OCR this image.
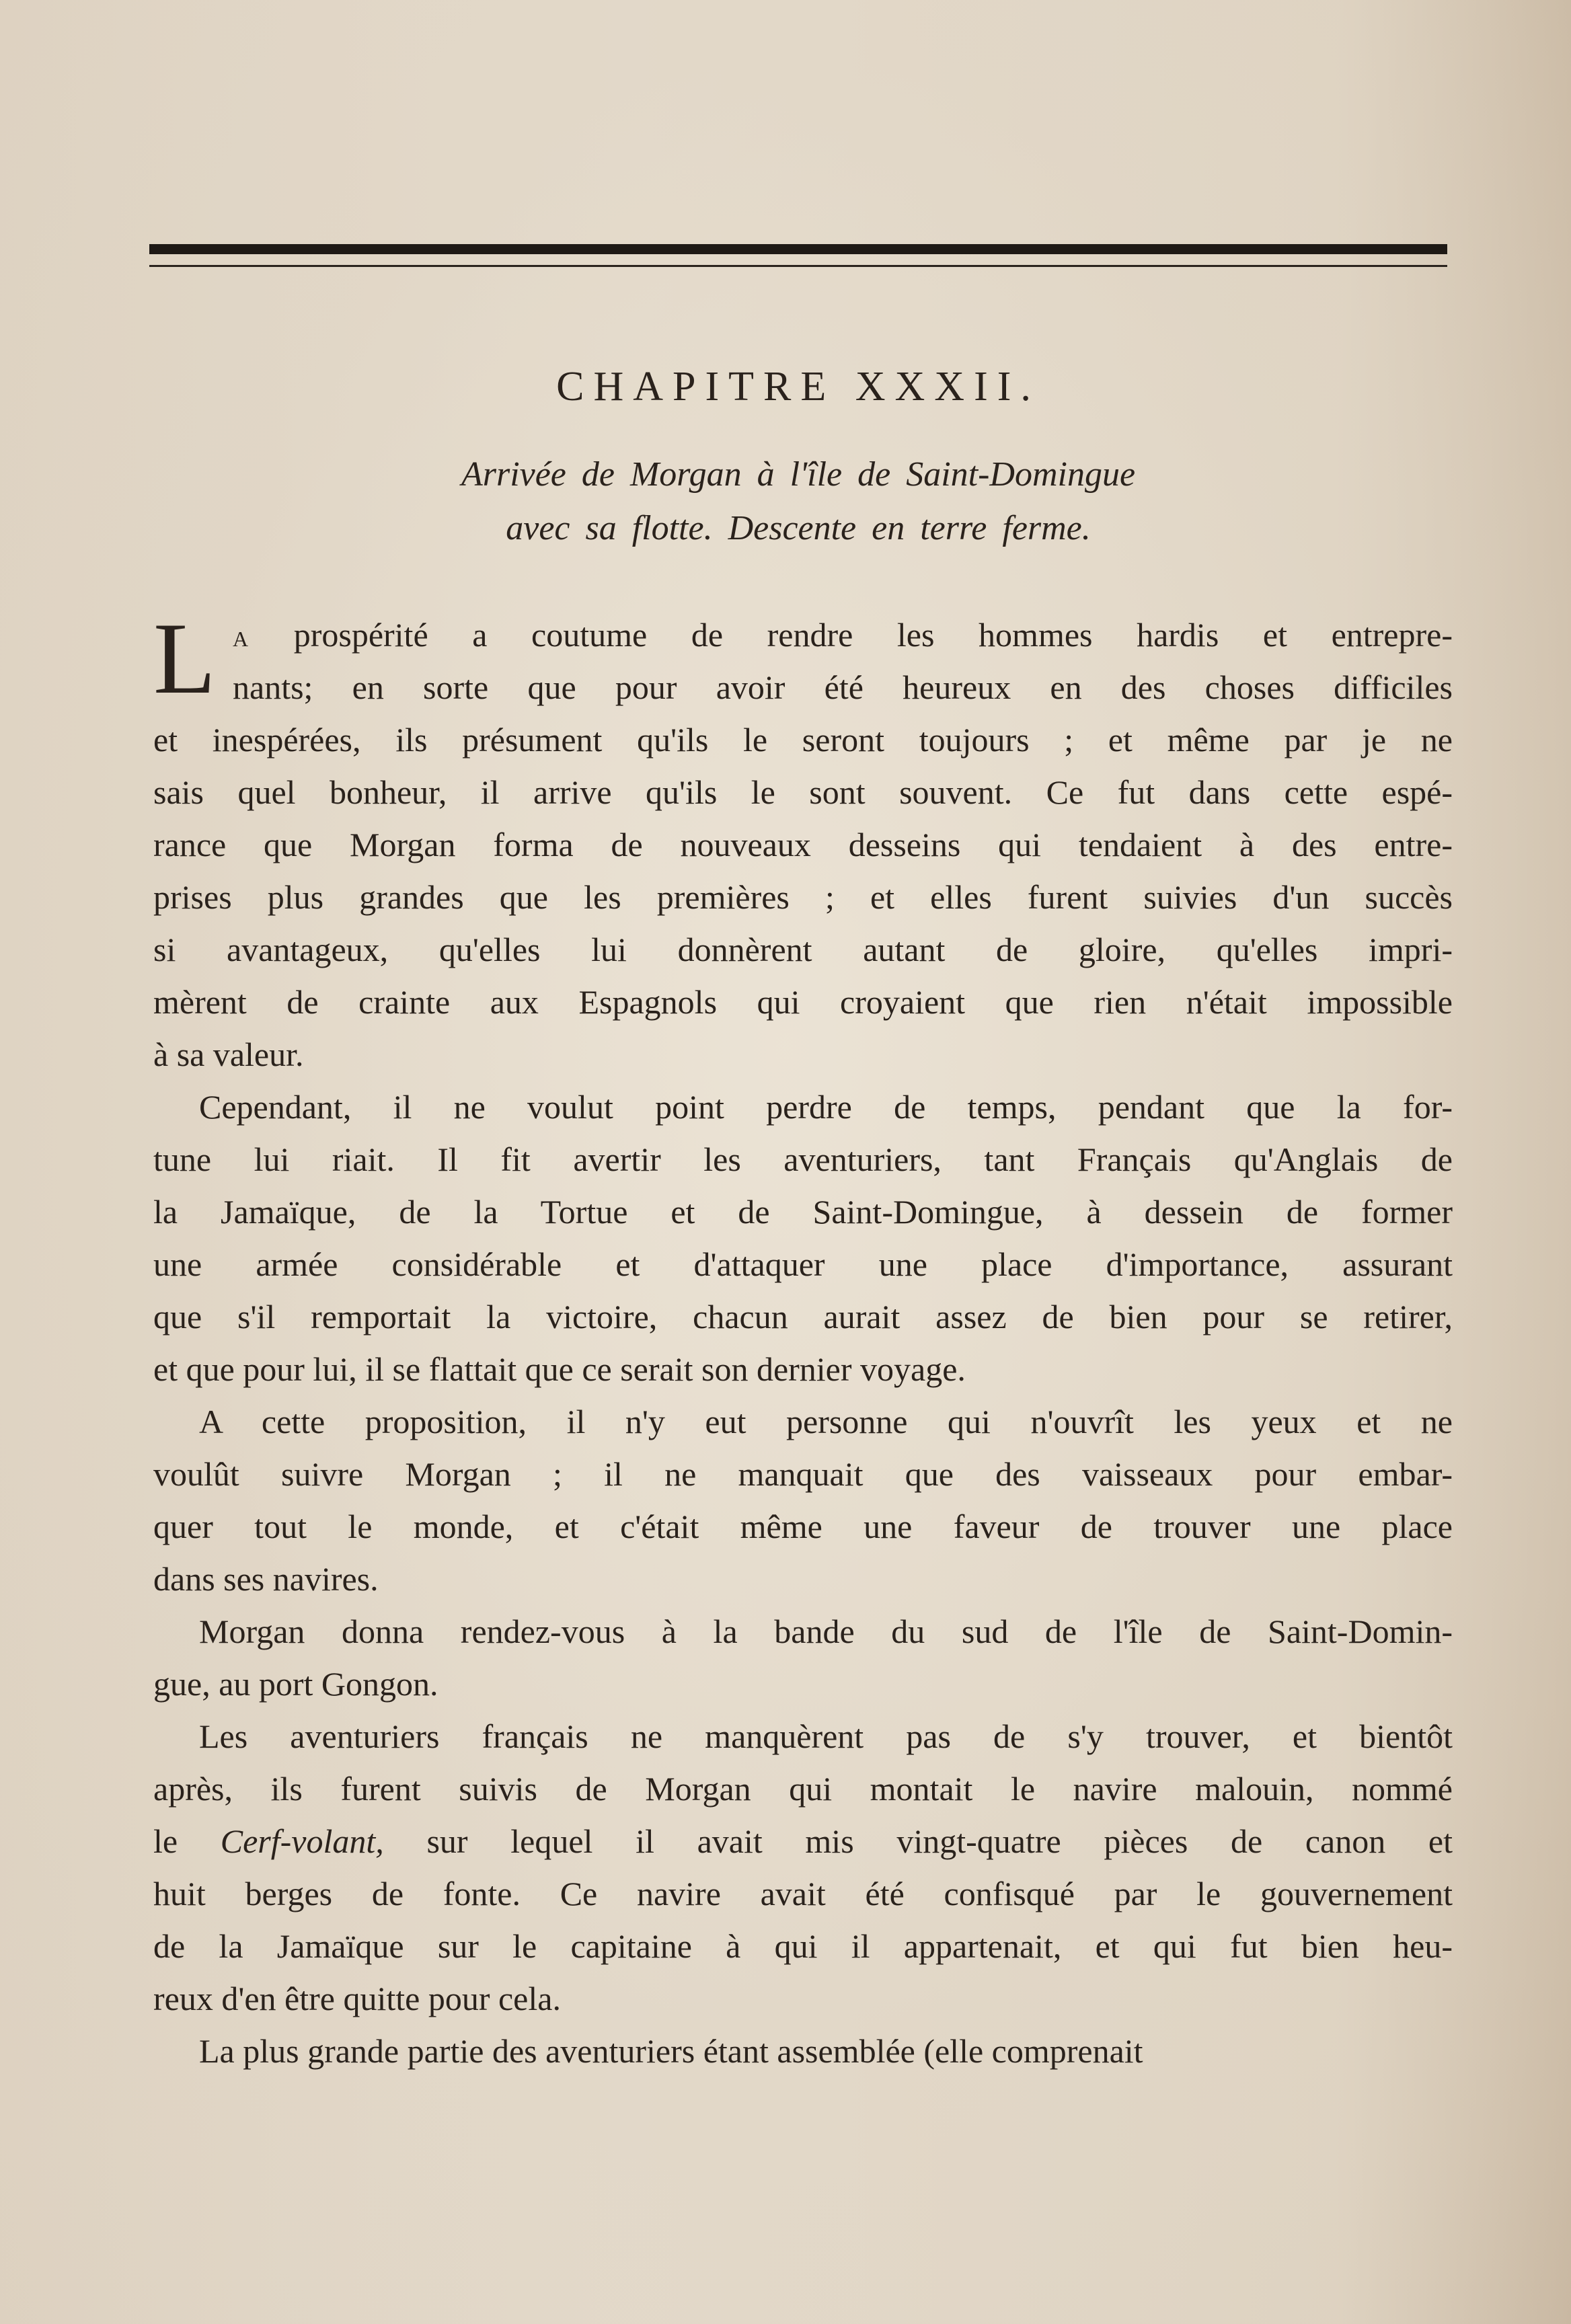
CHAPITRE XXXII.
Arrivée de Morgan à l'île de Saint-Domingue
avec sa flotte. Descente en terre ferme.
L A prospérité a coutume de rendre les hommes hardis et entrepre-
nants; en sorte que pour avoir été heureux en des choses difficiles
et inespérées, ils présument qu'ils le seront toujours ; et même par je ne
sais quel bonheur, il arrive qu'ils le sont souvent. Ce fut dans cette espé-
rance que Morgan forma de nouveaux desseins qui tendaient à des entre-
prises plus grandes que les premières ; et elles furent suivies d'un succès
si avantageux, qu'elles lui donnèrent autant de gloire, qu'elles impri-
mèrent de crainte aux Espagnols qui croyaient que rien n'était impossible
à sa valeur.
Cependant, il ne voulut point perdre de temps, pendant que la for-
tune lui riait. Il fit avertir les aventuriers, tant Français qu'Anglais de
la Jamaïque, de la Tortue et de Saint-Domingue, à dessein de former
une armée considérable et d'attaquer une place d'importance, assurant
que s'il remportait la victoire, chacun aurait assez de bien pour se retirer,
et que pour lui, il se flattait que ce serait son dernier voyage.
A cette proposition, il n'y eut personne qui n'ouvrît les yeux et ne
voulût suivre Morgan ; il ne manquait que des vaisseaux pour embar-
quer tout le monde, et c'était même une faveur de trouver une place
dans ses navires.
Morgan donna rendez-vous à la bande du sud de l'île de Saint-Domin-
gue, au port Gongon.
Les aventuriers français ne manquèrent pas de s'y trouver, et bientôt
après, ils furent suivis de Morgan qui montait le navire malouin, nommé
le Cerf-volant, sur lequel il avait mis vingt-quatre pièces de canon et
huit berges de fonte. Ce navire avait été confisqué par le gouvernement
de la Jamaïque sur le capitaine à qui il appartenait, et qui fut bien heu-
reux d'en être quitte pour cela.
La plus grande partie des aventuriers étant assemblée (elle comprenait
